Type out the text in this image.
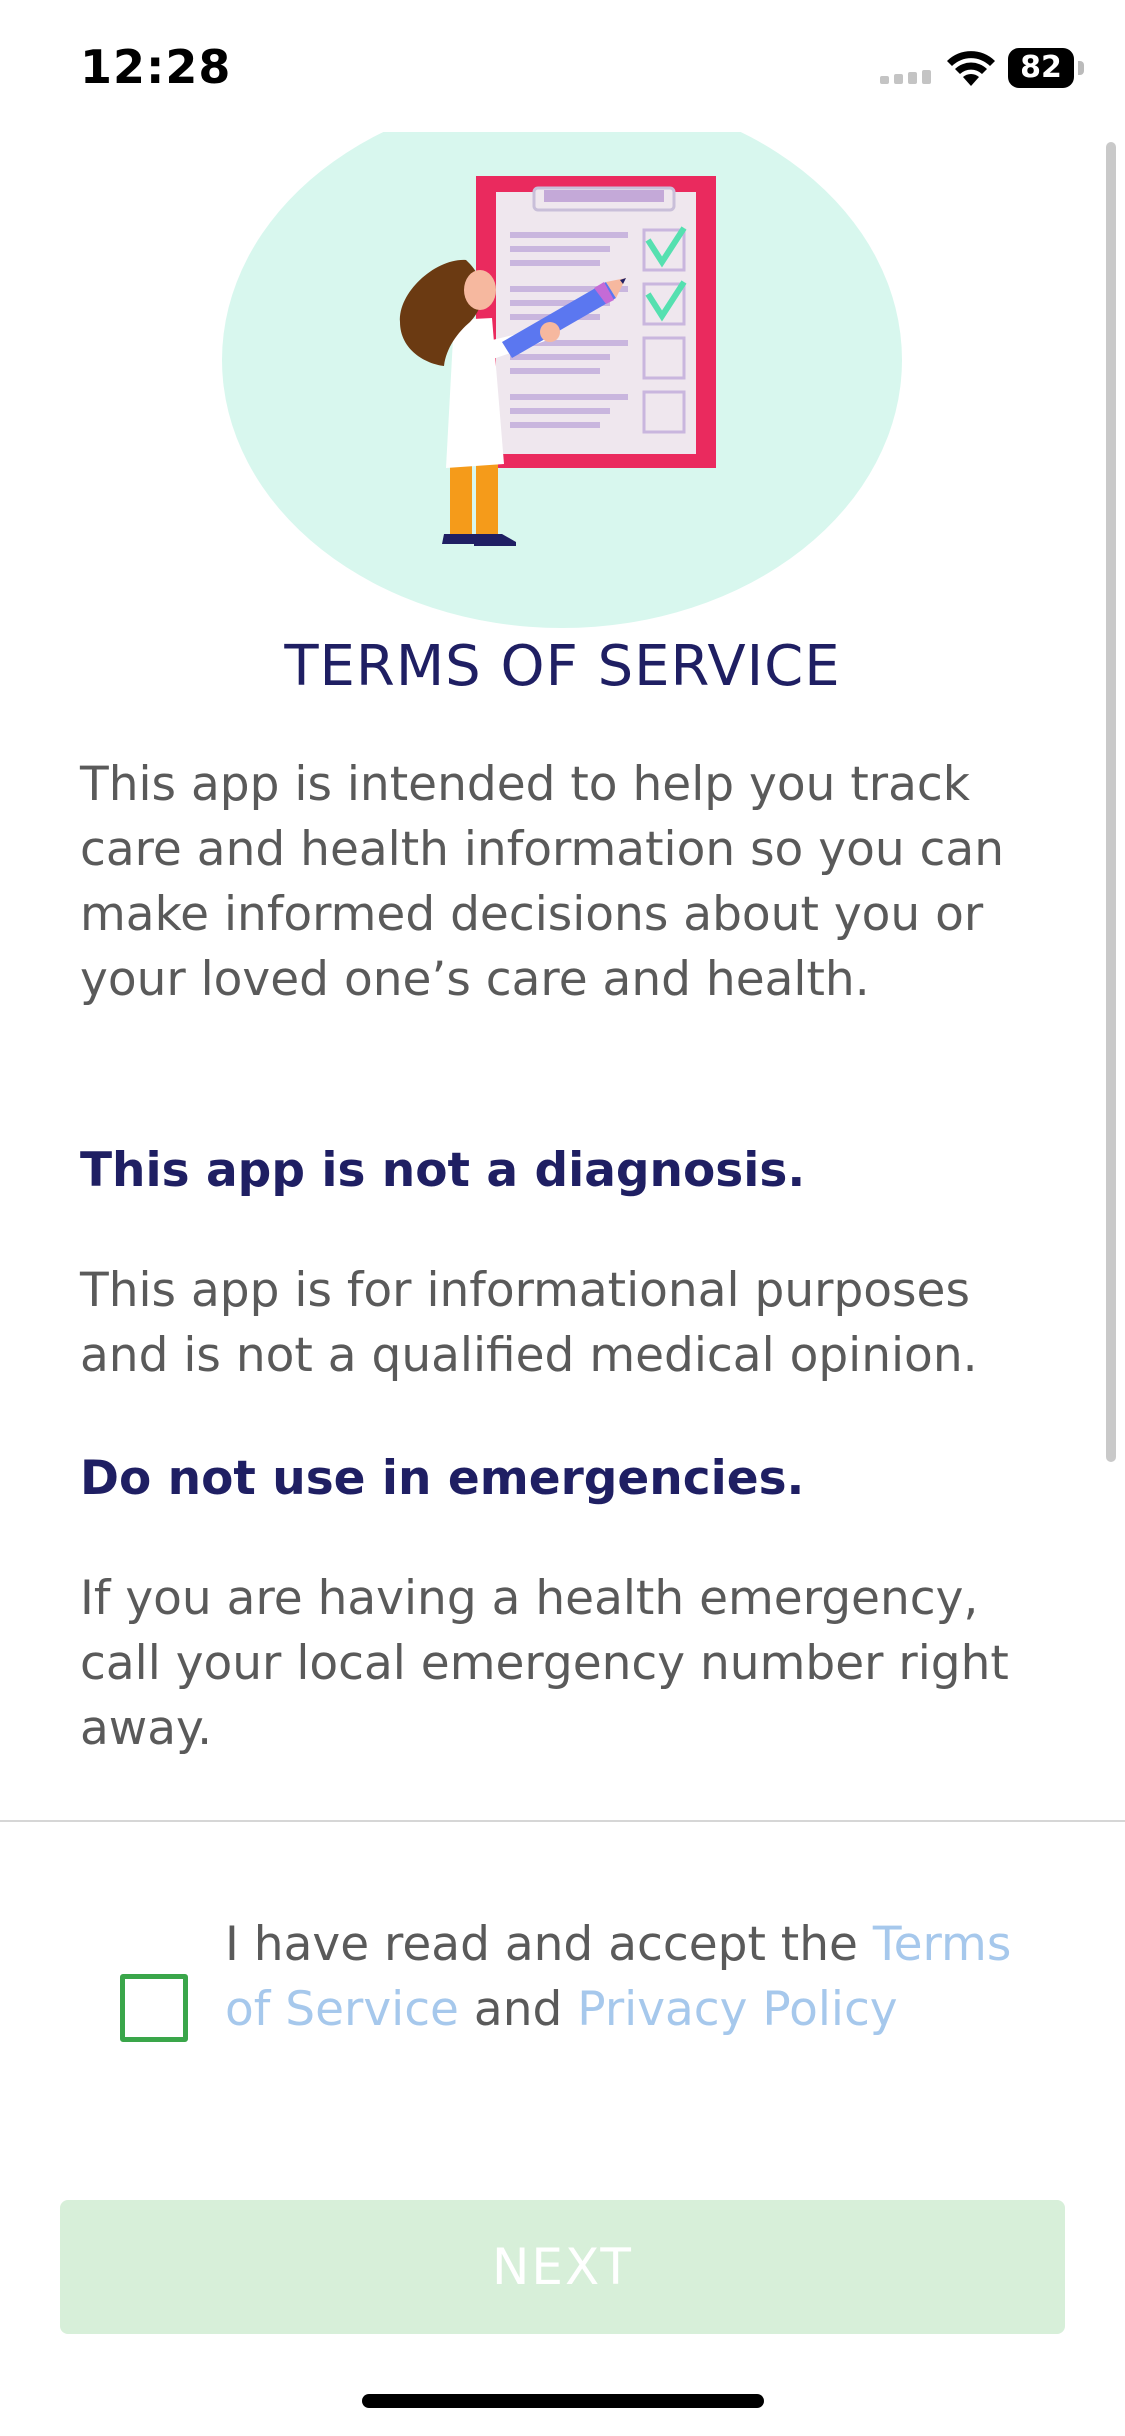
12:28	82
TERMS OF SERVICE

This app is intended to help you track care and health information so you can make informed decisions about you or your loved one’s care and health.

This app is not a diagnosis.

This app is for informational purposes and is not a qualified medical opinion.

Do not use in emergencies.

If you are having a health emergency, call your local emergency number right away.

I have read and accept the Terms of Service and Privacy Policy
NEXT
